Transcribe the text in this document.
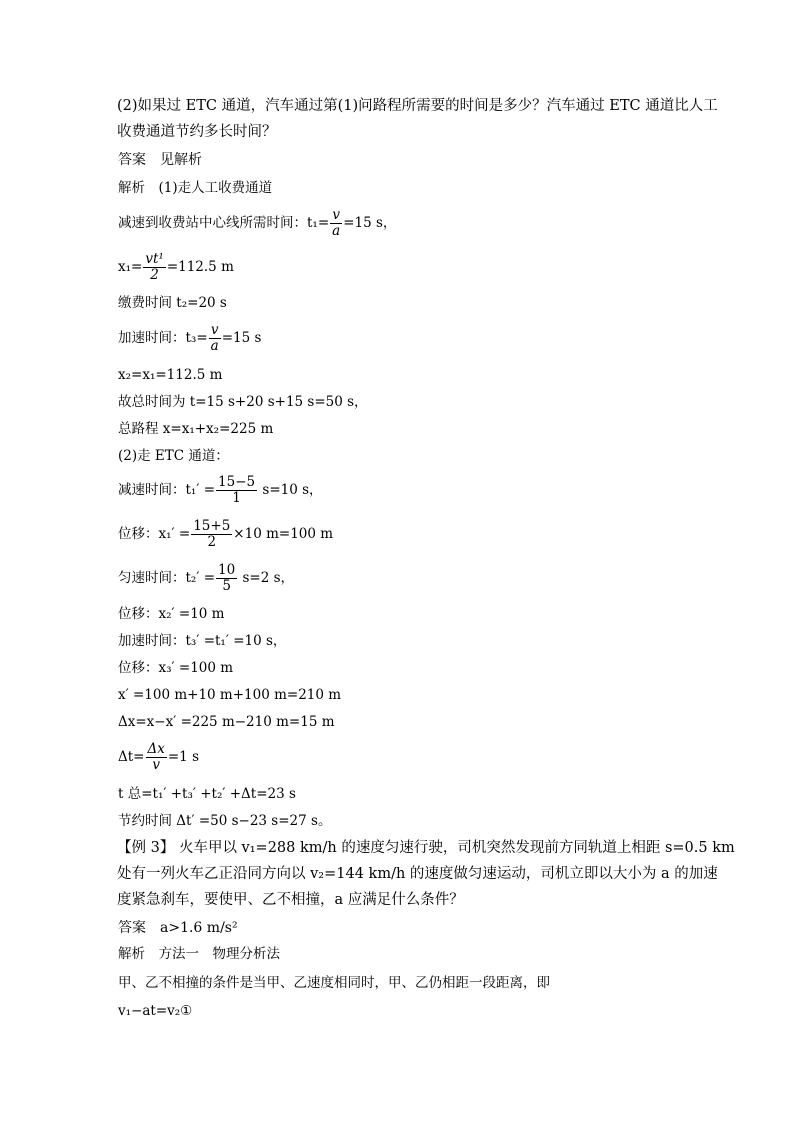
(2)如果过 ETC 通道，汽车通过第(1)问路程所需要的时间是多少？汽车通过 ETC 通道比人工
收费通道节约多长时间？
答案  见解析
解析  (1)走人工收费通道
减速到收费站中心线所需时间：$t_1= \frac{v}{a} =15$ s，
$x_1= \frac{\text{vt¹}}{2} =112.5$ m
缴费时间 t₂=20 s
加速时间：$t_3= \frac{v}{a} =15$ s
x₂=x₁=112.5 m
故总时间为 t=15 s+20 s+15 s=50 s，
总路程 x=x₁+x₂=225 m
(2)走 ETC 通道：
减速时间：$t_1' = \frac{15-5}{1} s=10$ s，
位移：$x_1' = \frac{15+5}{2} \times 10$ m=100 m
匀速时间：$t_2' = \frac{10}{5} s=2$ s，
位移：x₂′ =10 m
加速时间：t₃′ =t₁′ =10 s，
位移：x₃′ =100 m
x′ =100 m+10 m+100 m=210 m
Δx=x−x′ =225 m−210 m=15 m
$\Delta t= \frac{\Delta x}{v} =1$ s
t 总=t₁′ +t₃′ +t₂′ +Δt=23 s
节约时间 Δt′ =50 s−23 s=27 s。
【例 3】 火车甲以 v₁=288 km/h 的速度匀速行驶，司机突然发现前方同轨道上相距 s=0.5 km
处有一列火车乙正沿同方向以 v₂=144 km/h 的速度做匀速运动，司机立即以大小为 a 的加速
度紧急刹车，要使甲、乙不相撞，a 应满足什么条件？
答案  a>1.6 m/s²
解析  方法一　物理分析法
甲、乙不相撞的条件是当甲、乙速度相同时，甲、乙仍相距一段距离，即
v₁−at=v₂①
